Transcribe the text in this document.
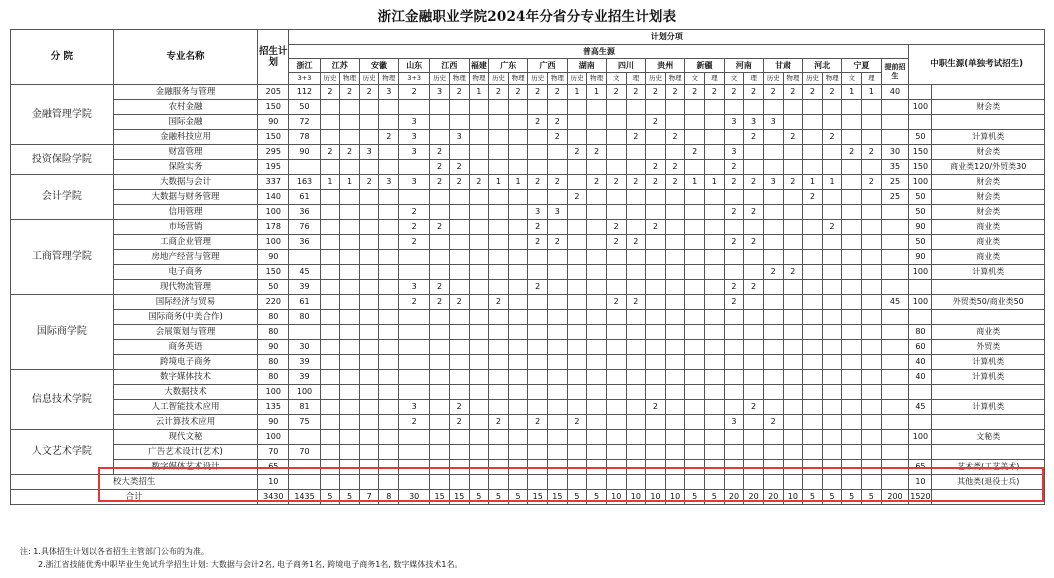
浙江金融职业学院2024年分省分专业招生计划表
分 院	专业名称	招生计划	计划分项																															
			普高生源																														中职生源(单独考试招生)	
			浙江	江苏		安徽		山东	江西		福建	广东		广西		湖南		四川		贵州		新疆		河南		甘肃		河北		宁夏		提前招生		
			3+3	历史	物理	历史	物理	3+3	历史	物理	物理	历史	物理	历史	物理	历史	物理	文	理	历史	物理	文	理	文	理	历史	物理	历史	物理	文	理			
金融管理学院	金融服务与管理	205	112	2	2	2	3	2	3	2	1	2	2	2	2	1	1	2	2	2	2	2	2	2	2	2	2	2	2	1	1	40		
	农村金融	150	50																														100	财会类
	国际金融	90	72					3						2	2					2				3	3	3								
	金融科技应用	150	78				2	3		3					2				2		2				2		2		2				50	计算机类
投资保险学院	财富管理	295	90	2	2	3		3	2							2	2					2		3						2	2	30	150	财会类
	保险实务	195							2	2										2	2			2								35	150	商业类120/外贸类30
会计学院	大数据与会计	337	163	1	1	2	3	3	2	2	2	1	1	2	2		2	2	2	2	2	1	1	2	2	3	2	1	1		2	25	100	财会类
	大数据与财务管理	140	61													2												2				25	50	财会类
	信用管理	100	36					2						3	3									2	2								50	财会类
工商管理学院	市场营销	178	76					2	2					2				2		2									2				90	商业类
	工商企业管理	100	36					2						2	2			2	2					2	2								50	商业类
	房地产经营与管理	90																															90	商业类
	电子商务	150	45																							2	2						100	计算机类
	现代物流管理	50	39					3	2					2										2	2									
国际商学院	国际经济与贸易	220	61					2	2	2		2						2	2					2								45	100	外贸类50/商业类50
	国际商务(中美合作)	80	80																															
	会展策划与管理	80																															80	商业类
	商务英语	90	30																														60	外贸类
	跨境电子商务	80	39																														40	计算机类
信息技术学院	数字媒体技术	80	39																														40	计算机类
	大数据技术	100	100																															
	人工智能技术应用	135	81					3		2										2					2								45	计算机类
	云计算技术应用	90	75					2		2		2		2		2								3		2								
人文艺术学院	现代文秘	100																															100	文秘类
	广告艺术设计(艺术)	70	70																															
	数字媒体艺术设计	65																															65	艺术类(工艺美术)
校大类招生		10																															10	其他类(退役士兵)
合计		3430	1435	5	5	7	8	30	15	15	5	5	5	15	15	5	5	10	10	10	10	5	5	20	20	20	10	5	5	5	5	200	1520	
注: 1.具体招生计划以各省招生主管部门公布的为准。
2.浙江省技能优秀中职毕业生免试升学招生计划: 大数据与会计2名, 电子商务1名, 跨境电子商务1名, 数字媒体技术1名。
